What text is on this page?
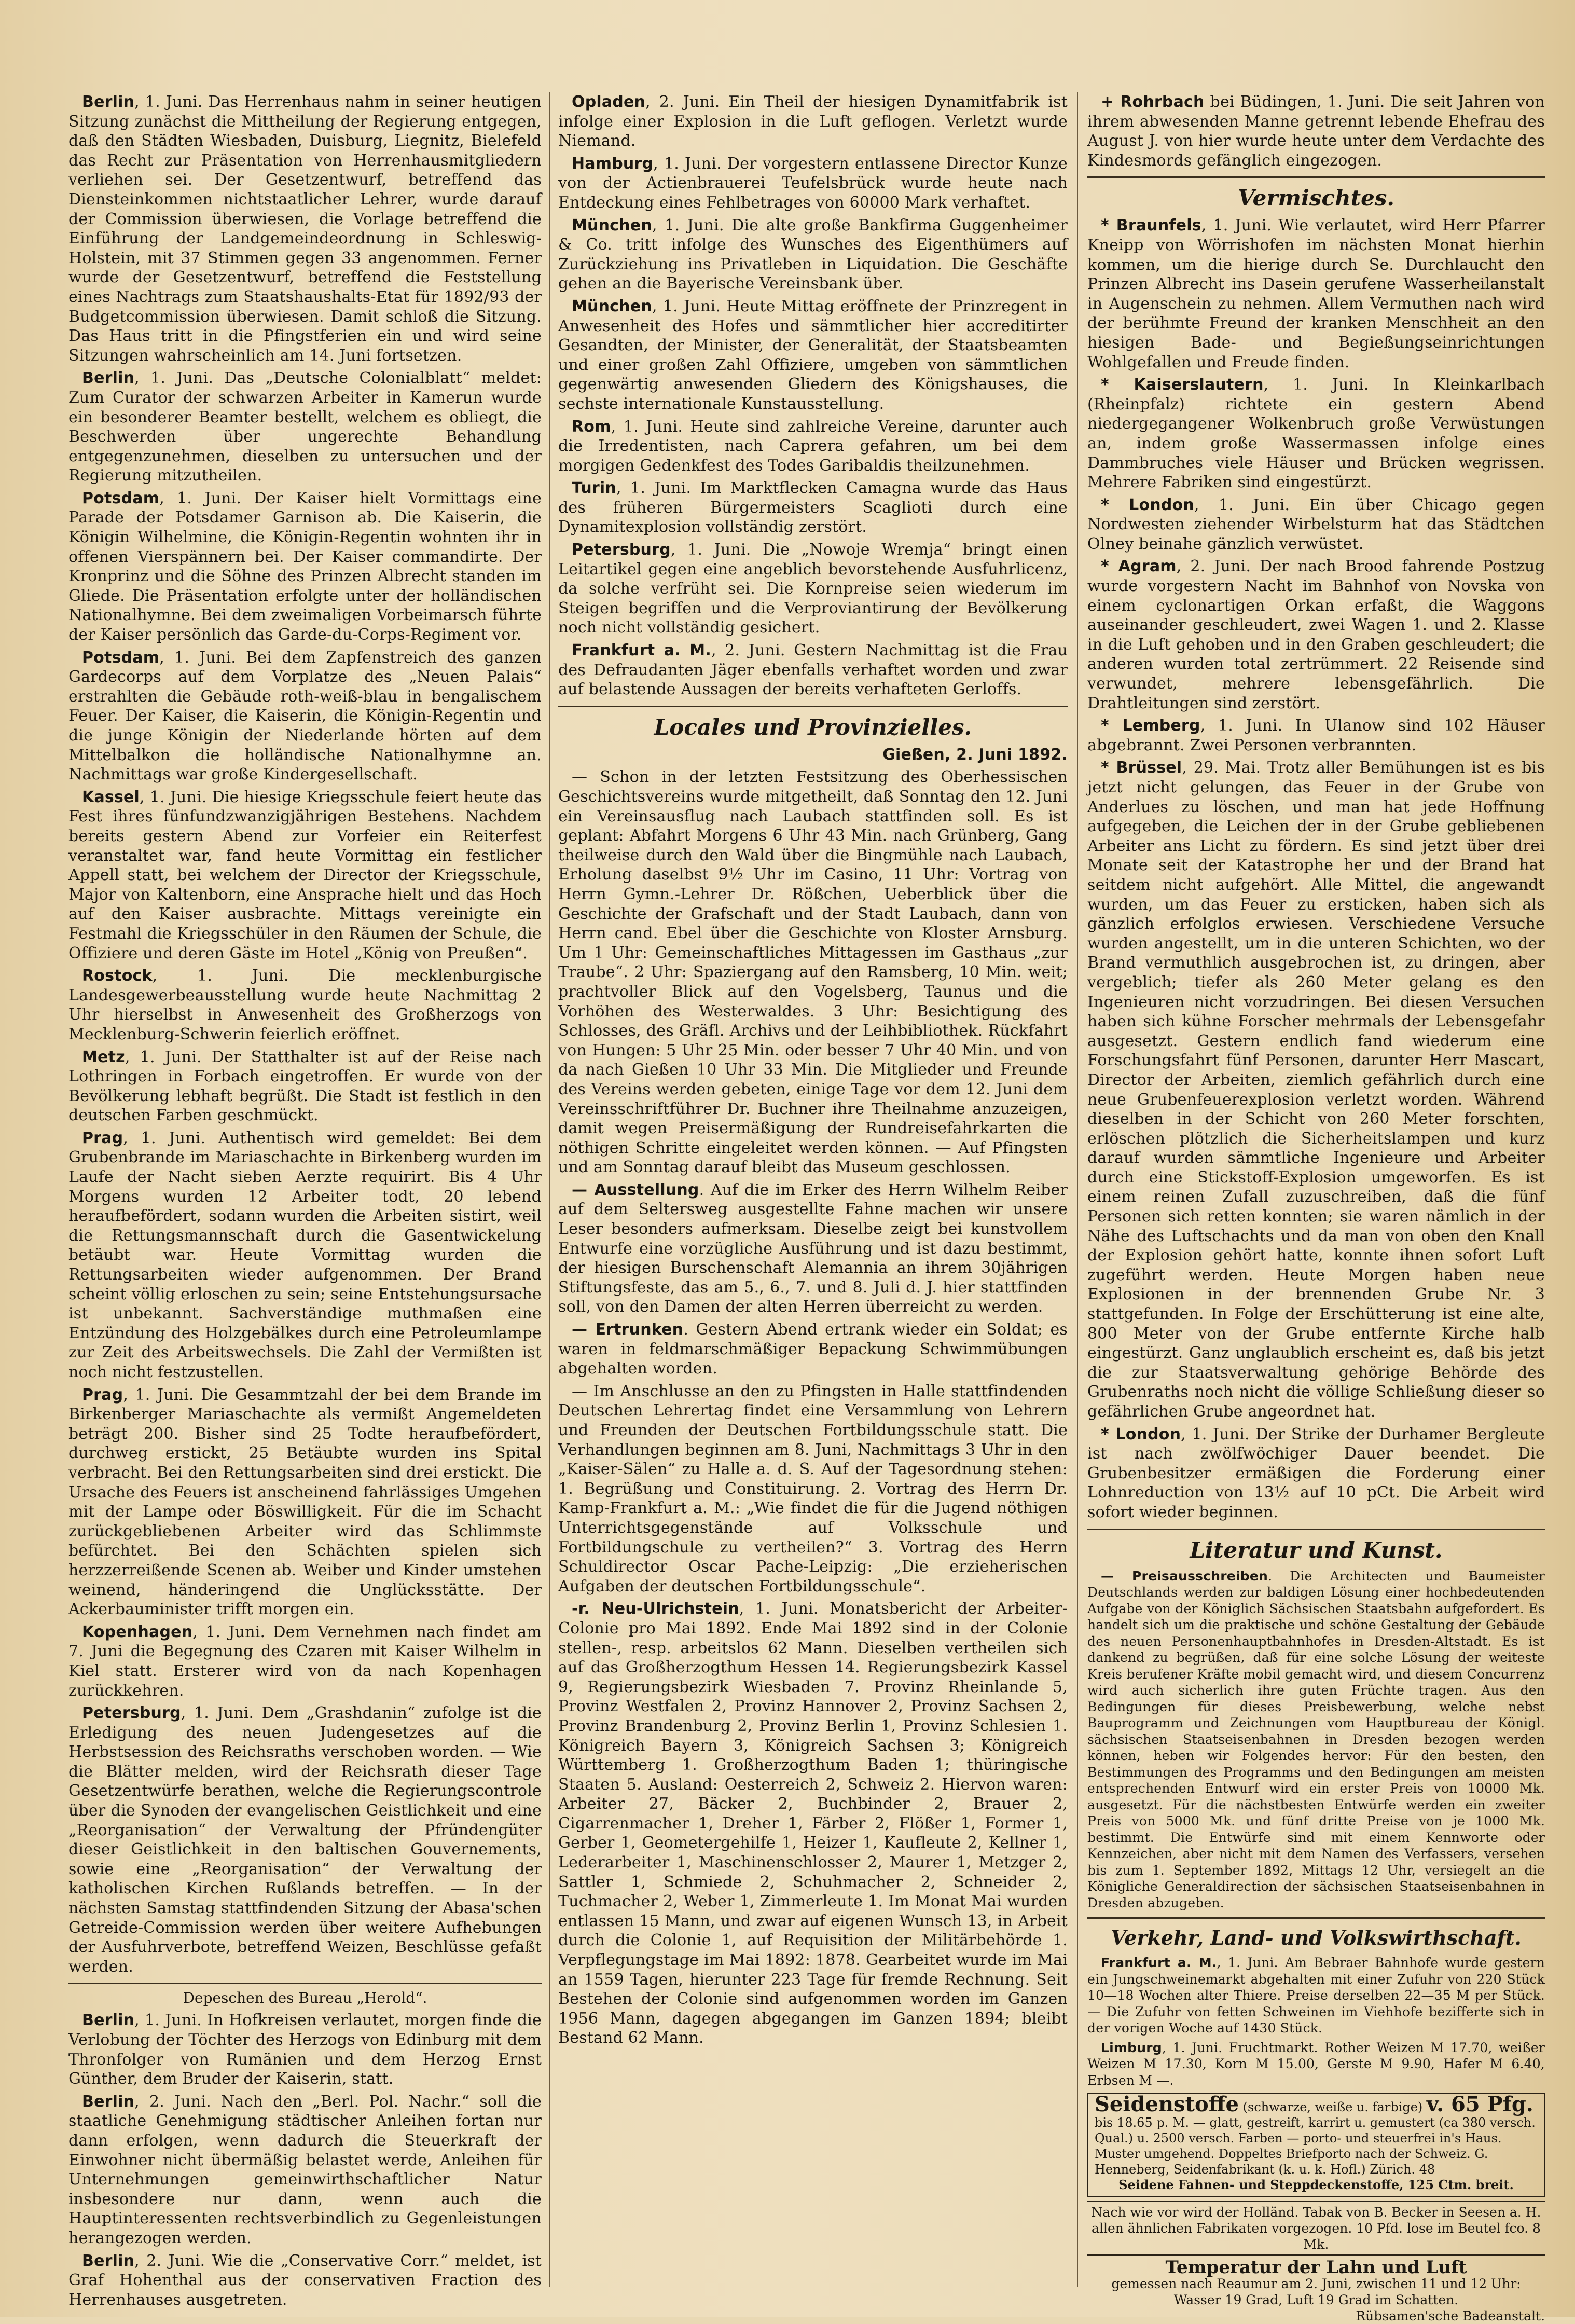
Berlin, 1. Juni. Das Herrenhaus nahm in seiner heutigen Sitzung zunächst die Mittheilung der Regierung entgegen, daß den Städten Wiesbaden, Duisburg, Liegnitz, Bielefeld das Recht zur Präsentation von Herrenhausmitgliedern verliehen sei. Der Gesetzentwurf, betreffend das Diensteinkommen nichtstaatlicher Lehrer, wurde darauf der Commission überwiesen, die Vorlage betreffend die Einführung der Landgemeindeordnung in Schleswig-Holstein, mit 37 Stimmen gegen 33 angenommen. Ferner wurde der Gesetzentwurf, betreffend die Feststellung eines Nachtrags zum Staatshaushalts-Etat für 1892/93 der Budgetcommission überwiesen. Damit schloß die Sitzung. Das Haus tritt in die Pfingstferien ein und wird seine Sitzungen wahrscheinlich am 14. Juni fortsetzen.

Berlin, 1. Juni. Das „Deutsche Colonialblatt“ meldet: Zum Curator der schwarzen Arbeiter in Kamerun wurde ein besonderer Beamter bestellt, welchem es obliegt, die Beschwerden über ungerechte Behandlung entgegenzunehmen, dieselben zu untersuchen und der Regierung mitzutheilen.

Potsdam, 1. Juni. Der Kaiser hielt Vormittags eine Parade der Potsdamer Garnison ab. Die Kaiserin, die Königin Wilhelmine, die Königin-Regentin wohnten ihr in offenen Vierspännern bei. Der Kaiser commandirte. Der Kronprinz und die Söhne des Prinzen Albrecht standen im Gliede. Die Präsentation erfolgte unter der holländischen Nationalhymne. Bei dem zweimaligen Vorbeimarsch führte der Kaiser persönlich das Garde-du-Corps-Regiment vor.

Potsdam, 1. Juni. Bei dem Zapfenstreich des ganzen Gardecorps auf dem Vorplatze des „Neuen Palais“ erstrahlten die Gebäude roth-weiß-blau in bengalischem Feuer. Der Kaiser, die Kaiserin, die Königin-Regentin und die junge Königin der Niederlande hörten auf dem Mittelbalkon die holländische Nationalhymne an. Nachmittags war große Kindergesellschaft.

Kassel, 1. Juni. Die hiesige Kriegsschule feiert heute das Fest ihres fünfundzwanzigjährigen Bestehens. Nachdem bereits gestern Abend zur Vorfeier ein Reiterfest veranstaltet war, fand heute Vormittag ein festlicher Appell statt, bei welchem der Director der Kriegsschule, Major von Kaltenborn, eine Ansprache hielt und das Hoch auf den Kaiser ausbrachte. Mittags vereinigte ein Festmahl die Kriegsschüler in den Räumen der Schule, die Offiziere und deren Gäste im Hotel „König von Preußen“.

Rostock, 1. Juni. Die mecklenburgische Landesgewerbeausstellung wurde heute Nachmittag 2 Uhr hierselbst in Anwesenheit des Großherzogs von Mecklenburg-Schwerin feierlich eröffnet.

Metz, 1. Juni. Der Statthalter ist auf der Reise nach Lothringen in Forbach eingetroffen. Er wurde von der Bevölkerung lebhaft begrüßt. Die Stadt ist festlich in den deutschen Farben geschmückt.

Prag, 1. Juni. Authentisch wird gemeldet: Bei dem Grubenbrande im Mariaschachte in Birkenberg wurden im Laufe der Nacht sieben Aerzte requirirt. Bis 4 Uhr Morgens wurden 12 Arbeiter todt, 20 lebend heraufbefördert, sodann wurden die Arbeiten sistirt, weil die Rettungsmannschaft durch die Gasentwickelung betäubt war. Heute Vormittag wurden die Rettungsarbeiten wieder aufgenommen. Der Brand scheint völlig erloschen zu sein; seine Entstehungsursache ist unbekannt. Sachverständige muthmaßen eine Entzündung des Holzgebälkes durch eine Petroleumlampe zur Zeit des Arbeitswechsels. Die Zahl der Vermißten ist noch nicht festzustellen.

Prag, 1. Juni. Die Gesammtzahl der bei dem Brande im Birkenberger Mariaschachte als vermißt Angemeldeten beträgt 200. Bisher sind 25 Todte heraufbefördert, durchweg erstickt, 25 Betäubte wurden ins Spital verbracht. Bei den Rettungsarbeiten sind drei erstickt. Die Ursache des Feuers ist anscheinend fahrlässiges Umgehen mit der Lampe oder Böswilligkeit. Für die im Schacht zurückgebliebenen Arbeiter wird das Schlimmste befürchtet. Bei den Schächten spielen sich herzzerreißende Scenen ab. Weiber und Kinder umstehen weinend, händeringend die Unglücksstätte. Der Ackerbauminister trifft morgen ein.

Kopenhagen, 1. Juni. Dem Vernehmen nach findet am 7. Juni die Begegnung des Czaren mit Kaiser Wilhelm in Kiel statt. Ersterer wird von da nach Kopenhagen zurückkehren.

Petersburg, 1. Juni. Dem „Grashdanin“ zufolge ist die Erledigung des neuen Judengesetzes auf die Herbstsession des Reichsraths verschoben worden. — Wie die Blätter melden, wird der Reichsrath dieser Tage Gesetzentwürfe berathen, welche die Regierungscontrole über die Synoden der evangelischen Geistlichkeit und eine „Reorganisation“ der Verwaltung der Pfründengüter dieser Geistlichkeit in den baltischen Gouvernements, sowie eine „Reorganisation“ der Verwaltung der katholischen Kirchen Rußlands betreffen. — In der nächsten Samstag stattfindenden Sitzung der Abasa'schen Getreide-Commission werden über weitere Aufhebungen der Ausfuhrverbote, betreffend Weizen, Beschlüsse gefaßt werden.

Depeschen des Bureau „Herold“.

Berlin, 1. Juni. In Hofkreisen verlautet, morgen finde die Verlobung der Töchter des Herzogs von Edinburg mit dem Thronfolger von Rumänien und dem Herzog Ernst Günther, dem Bruder der Kaiserin, statt.

Berlin, 2. Juni. Nach den „Berl. Pol. Nachr.“ soll die staatliche Genehmigung städtischer Anleihen fortan nur dann erfolgen, wenn dadurch die Steuerkraft der Einwohner nicht übermäßig belastet werde, Anleihen für Unternehmungen gemeinwirthschaftlicher Natur insbesondere nur dann, wenn auch die Hauptinteressenten rechtsverbindlich zu Gegenleistungen herangezogen werden.

Berlin, 2. Juni. Wie die „Conservative Corr.“ meldet, ist Graf Hohenthal aus der conservativen Fraction des Herrenhauses ausgetreten.

Opladen, 2. Juni. Ein Theil der hiesigen Dynamitfabrik ist infolge einer Explosion in die Luft geflogen. Verletzt wurde Niemand.

Hamburg, 1. Juni. Der vorgestern entlassene Director Kunze von der Actienbrauerei Teufelsbrück wurde heute nach Entdeckung eines Fehlbetrages von 60000 Mark verhaftet.

München, 1. Juni. Die alte große Bankfirma Guggenheimer & Co. tritt infolge des Wunsches des Eigenthümers auf Zurückziehung ins Privatleben in Liquidation. Die Geschäfte gehen an die Bayerische Vereinsbank über.

München, 1. Juni. Heute Mittag eröffnete der Prinzregent in Anwesenheit des Hofes und sämmtlicher hier accreditirter Gesandten, der Minister, der Generalität, der Staatsbeamten und einer großen Zahl Offiziere, umgeben von sämmtlichen gegenwärtig anwesenden Gliedern des Königshauses, die sechste internationale Kunstausstellung.

Rom, 1. Juni. Heute sind zahlreiche Vereine, darunter auch die Irredentisten, nach Caprera gefahren, um bei dem morgigen Gedenkfest des Todes Garibaldis theilzunehmen.

Turin, 1. Juni. Im Marktflecken Camagna wurde das Haus des früheren Bürgermeisters Scaglioti durch eine Dynamitexplosion vollständig zerstört.

Petersburg, 1. Juni. Die „Nowoje Wremja“ bringt einen Leitartikel gegen eine angeblich bevorstehende Ausfuhrlicenz, da solche verfrüht sei. Die Kornpreise seien wiederum im Steigen begriffen und die Verproviantirung der Bevölkerung noch nicht vollständig gesichert.

Frankfurt a. M., 2. Juni. Gestern Nachmittag ist die Frau des Defraudanten Jäger ebenfalls verhaftet worden und zwar auf belastende Aussagen der bereits verhafteten Gerloffs.

Locales und Provinzielles.

Gießen, 2. Juni 1892.

— Schon in der letzten Festsitzung des Oberhessischen Geschichtsvereins wurde mitgetheilt, daß Sonntag den 12. Juni ein Vereinsausflug nach Laubach stattfinden soll. Es ist geplant: Abfahrt Morgens 6 Uhr 43 Min. nach Grünberg, Gang theilweise durch den Wald über die Bingmühle nach Laubach, Erholung daselbst 9½ Uhr im Casino, 11 Uhr: Vortrag von Herrn Gymn.-Lehrer Dr. Rößchen, Ueberblick über die Geschichte der Grafschaft und der Stadt Laubach, dann von Herrn cand. Ebel über die Geschichte von Kloster Arnsburg. Um 1 Uhr: Gemeinschaftliches Mittagessen im Gasthaus „zur Traube“. 2 Uhr: Spaziergang auf den Ramsberg, 10 Min. weit; prachtvoller Blick auf den Vogelsberg, Taunus und die Vorhöhen des Westerwaldes. 3 Uhr: Besichtigung des Schlosses, des Gräfl. Archivs und der Leihbibliothek. Rückfahrt von Hungen: 5 Uhr 25 Min. oder besser 7 Uhr 40 Min. und von da nach Gießen 10 Uhr 33 Min. Die Mitglieder und Freunde des Vereins werden gebeten, einige Tage vor dem 12. Juni dem Vereinsschriftführer Dr. Buchner ihre Theilnahme anzuzeigen, damit wegen Preisermäßigung der Rundreisefahrkarten die nöthigen Schritte eingeleitet werden können. — Auf Pfingsten und am Sonntag darauf bleibt das Museum geschlossen.

— Ausstellung. Auf die im Erker des Herrn Wilhelm Reiber auf dem Seltersweg ausgestellte Fahne machen wir unsere Leser besonders aufmerksam. Dieselbe zeigt bei kunstvollem Entwurfe eine vorzügliche Ausführung und ist dazu bestimmt, der hiesigen Burschenschaft Alemannia an ihrem 30jährigen Stiftungsfeste, das am 5., 6., 7. und 8. Juli d. J. hier stattfinden soll, von den Damen der alten Herren überreicht zu werden.

— Ertrunken. Gestern Abend ertrank wieder ein Soldat; es waren in feldmarschmäßiger Bepackung Schwimmübungen abgehalten worden.

— Im Anschlusse an den zu Pfingsten in Halle stattfindenden Deutschen Lehrertag findet eine Versammlung von Lehrern und Freunden der Deutschen Fortbildungsschule statt. Die Verhandlungen beginnen am 8. Juni, Nachmittags 3 Uhr in den „Kaiser-Sälen“ zu Halle a. d. S. Auf der Tagesordnung stehen: 1. Begrüßung und Constituirung. 2. Vortrag des Herrn Dr. Kamp-Frankfurt a. M.: „Wie findet die für die Jugend nöthigen Unterrichtsgegenstände auf Volksschule und Fortbildungschule zu vertheilen?“ 3. Vortrag des Herrn Schuldirector Oscar Pache-Leipzig: „Die erzieherischen Aufgaben der deutschen Fortbildungsschule“.

-r. Neu-Ulrichstein, 1. Juni. Monatsbericht der Arbeiter-Colonie pro Mai 1892. Ende Mai 1892 sind in der Colonie stellen-, resp. arbeitslos 62 Mann. Dieselben vertheilen sich auf das Großherzogthum Hessen 14. Regierungsbezirk Kassel 9, Regierungsbezirk Wiesbaden 7. Provinz Rheinlande 5, Provinz Westfalen 2, Provinz Hannover 2, Provinz Sachsen 2, Provinz Brandenburg 2, Provinz Berlin 1, Provinz Schlesien 1. Königreich Bayern 3, Königreich Sachsen 3; Königreich Württemberg 1. Großherzogthum Baden 1; thüringische Staaten 5. Ausland: Oesterreich 2, Schweiz 2. Hiervon waren: Arbeiter 27, Bäcker 2, Buchbinder 2, Brauer 2, Cigarrenmacher 1, Dreher 1, Färber 2, Flößer 1, Former 1, Gerber 1, Geometergehilfe 1, Heizer 1, Kaufleute 2, Kellner 1, Lederarbeiter 1, Maschinenschlosser 2, Maurer 1, Metzger 2, Sattler 1, Schmiede 2, Schuhmacher 2, Schneider 2, Tuchmacher 2, Weber 1, Zimmerleute 1. Im Monat Mai wurden entlassen 15 Mann, und zwar auf eigenen Wunsch 13, in Arbeit durch die Colonie 1, auf Requisition der Militärbehörde 1. Verpflegungstage im Mai 1892: 1878. Gearbeitet wurde im Mai an 1559 Tagen, hierunter 223 Tage für fremde Rechnung. Seit Bestehen der Colonie sind aufgenommen worden im Ganzen 1956 Mann, dagegen abgegangen im Ganzen 1894; bleibt Bestand 62 Mann.

+ Rohrbach bei Büdingen, 1. Juni. Die seit Jahren von ihrem abwesenden Manne getrennt lebende Ehefrau des August J. von hier wurde heute unter dem Verdachte des Kindesmords gefänglich eingezogen.

Vermischtes.

* Braunfels, 1. Juni. Wie verlautet, wird Herr Pfarrer Kneipp von Wörrishofen im nächsten Monat hierhin kommen, um die hierige durch Se. Durchlaucht den Prinzen Albrecht ins Dasein gerufene Wasserheilanstalt in Augenschein zu nehmen. Allem Vermuthen nach wird der berühmte Freund der kranken Menschheit an den hiesigen Bade- und Begießungseinrichtungen Wohlgefallen und Freude finden.

* Kaiserslautern, 1. Juni. In Kleinkarlbach (Rheinpfalz) richtete ein gestern Abend niedergegangener Wolkenbruch große Verwüstungen an, indem große Wassermassen infolge eines Dammbruches viele Häuser und Brücken wegrissen. Mehrere Fabriken sind eingestürzt.

* London, 1. Juni. Ein über Chicago gegen Nordwesten ziehender Wirbelsturm hat das Städtchen Olney beinahe gänzlich verwüstet.

* Agram, 2. Juni. Der nach Brood fahrende Postzug wurde vorgestern Nacht im Bahnhof von Novska von einem cyclonartigen Orkan erfaßt, die Waggons auseinander geschleudert, zwei Wagen 1. und 2. Klasse in die Luft gehoben und in den Graben geschleudert; die anderen wurden total zertrümmert. 22 Reisende sind verwundet, mehrere lebensgefährlich. Die Drahtleitungen sind zerstört.

* Lemberg, 1. Juni. In Ulanow sind 102 Häuser abgebrannt. Zwei Personen verbrannten.

* Brüssel, 29. Mai. Trotz aller Bemühungen ist es bis jetzt nicht gelungen, das Feuer in der Grube von Anderlues zu löschen, und man hat jede Hoffnung aufgegeben, die Leichen der in der Grube gebliebenen Arbeiter ans Licht zu fördern. Es sind jetzt über drei Monate seit der Katastrophe her und der Brand hat seitdem nicht aufgehört. Alle Mittel, die angewandt wurden, um das Feuer zu ersticken, haben sich als gänzlich erfolglos erwiesen. Verschiedene Versuche wurden angestellt, um in die unteren Schichten, wo der Brand vermuthlich ausgebrochen ist, zu dringen, aber vergeblich; tiefer als 260 Meter gelang es den Ingenieuren nicht vorzudringen. Bei diesen Versuchen haben sich kühne Forscher mehrmals der Lebensgefahr ausgesetzt. Gestern endlich fand wiederum eine Forschungsfahrt fünf Personen, darunter Herr Mascart, Director der Arbeiten, ziemlich gefährlich durch eine neue Grubenfeuerexplosion verletzt worden. Während dieselben in der Schicht von 260 Meter forschten, erlöschen plötzlich die Sicherheitslampen und kurz darauf wurden sämmtliche Ingenieure und Arbeiter durch eine Stickstoff-Explosion umgeworfen. Es ist einem reinen Zufall zuzuschreiben, daß die fünf Personen sich retten konnten; sie waren nämlich in der Nähe des Luftschachts und da man von oben den Knall der Explosion gehört hatte, konnte ihnen sofort Luft zugeführt werden. Heute Morgen haben neue Explosionen in der brennenden Grube Nr. 3 stattgefunden. In Folge der Erschütterung ist eine alte, 800 Meter von der Grube entfernte Kirche halb eingestürzt. Ganz unglaublich erscheint es, daß bis jetzt die zur Staatsverwaltung gehörige Behörde des Grubenraths noch nicht die völlige Schließung dieser so gefährlichen Grube angeordnet hat.

* London, 1. Juni. Der Strike der Durhamer Bergleute ist nach zwölfwöchiger Dauer beendet. Die Grubenbesitzer ermäßigen die Forderung einer Lohnreduction von 13½ auf 10 pCt. Die Arbeit wird sofort wieder beginnen.

Literatur und Kunst.

— Preisausschreiben. Die Architecten und Baumeister Deutschlands werden zur baldigen Lösung einer hochbedeutenden Aufgabe von der Königlich Sächsischen Staatsbahn aufgefordert. Es handelt sich um die praktische und schöne Gestaltung der Gebäude des neuen Personenhauptbahnhofes in Dresden-Altstadt. Es ist dankend zu begrüßen, daß für eine solche Lösung der weiteste Kreis berufener Kräfte mobil gemacht wird, und diesem Concurrenz wird auch sicherlich ihre guten Früchte tragen. Aus den Bedingungen für dieses Preisbewerbung, welche nebst Bauprogramm und Zeichnungen vom Hauptbureau der Königl. sächsischen Staatseisenbahnen in Dresden bezogen werden können, heben wir Folgendes hervor: Für den besten, den Bestimmungen des Programms und den Bedingungen am meisten entsprechenden Entwurf wird ein erster Preis von 10000 Mk. ausgesetzt. Für die nächstbesten Entwürfe werden ein zweiter Preis von 5000 Mk. und fünf dritte Preise von je 1000 Mk. bestimmt. Die Entwürfe sind mit einem Kennworte oder Kennzeichen, aber nicht mit dem Namen des Verfassers, versehen bis zum 1. September 1892, Mittags 12 Uhr, versiegelt an die Königliche Generaldirection der sächsischen Staatseisenbahnen in Dresden abzugeben.

Verkehr, Land- und Volkswirthschaft.

Frankfurt a. M., 1. Juni. Am Bebraer Bahnhofe wurde gestern ein Jungschweinemarkt abgehalten mit einer Zufuhr von 220 Stück 10—18 Wochen alter Thiere. Preise derselben 22—35 M per Stück. — Die Zufuhr von fetten Schweinen im Viehhofe bezifferte sich in der vorigen Woche auf 1430 Stück.

Limburg, 1. Juni. Fruchtmarkt. Rother Weizen M 17.70, weißer Weizen M 17.30, Korn M 15.00, Gerste M 9.90, Hafer M 6.40, Erbsen M —.

Seidenstoffe (schwarze, weiße u. farbige) v. 65 Pfg.
bis 18.65 p. M. — glatt, gestreift, karrirt u. gemustert (ca 380 versch. Qual.) u. 2500 versch. Farben — porto- und steuerfrei in's Haus. Muster umgehend. Doppeltes Briefporto nach der Schweiz. G. Henneberg, Seidenfabrikant (k. u. k. Hofl.) Zürich. 48
Seidene Fahnen- und Steppdeckenstoffe, 125 Ctm. breit.
Nach wie vor wird der Holländ. Tabak von B. Becker in Seesen a. H. allen ähnlichen Fabrikaten vorgezogen. 10 Pfd. lose im Beutel fco. 8 Mk.
Temperatur der Lahn und Luft
gemessen nach Reaumur am 2. Juni, zwischen 11 und 12 Uhr:
Wasser 19 Grad, Luft 19 Grad im Schatten.
Rübsamen'sche Badeanstalt.
